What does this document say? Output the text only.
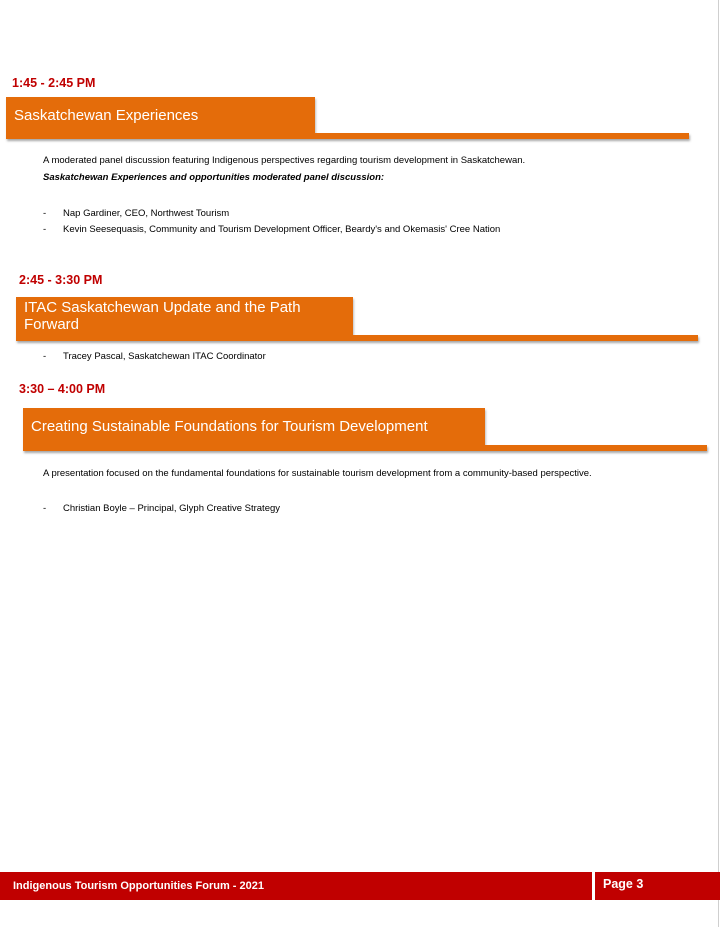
1:45 - 2:45 PM
Saskatchewan Experiences
A moderated panel discussion featuring Indigenous perspectives regarding tourism development in Saskatchewan.
Saskatchewan Experiences and opportunities moderated panel discussion:
- Nap Gardiner, CEO, Northwest Tourism
- Kevin Seesequasis, Community and Tourism Development Officer, Beardy's and Okemasis' Cree Nation
2:45 - 3:30 PM
ITAC Saskatchewan Update and the Path Forward
- Tracey Pascal, Saskatchewan ITAC Coordinator
3:30 – 4:00 PM
Creating Sustainable Foundations for Tourism Development
A presentation focused on the fundamental foundations for sustainable tourism development from a community-based perspective.
- Christian Boyle – Principal, Glyph Creative Strategy
Indigenous Tourism Opportunities Forum - 2021	Page 3
